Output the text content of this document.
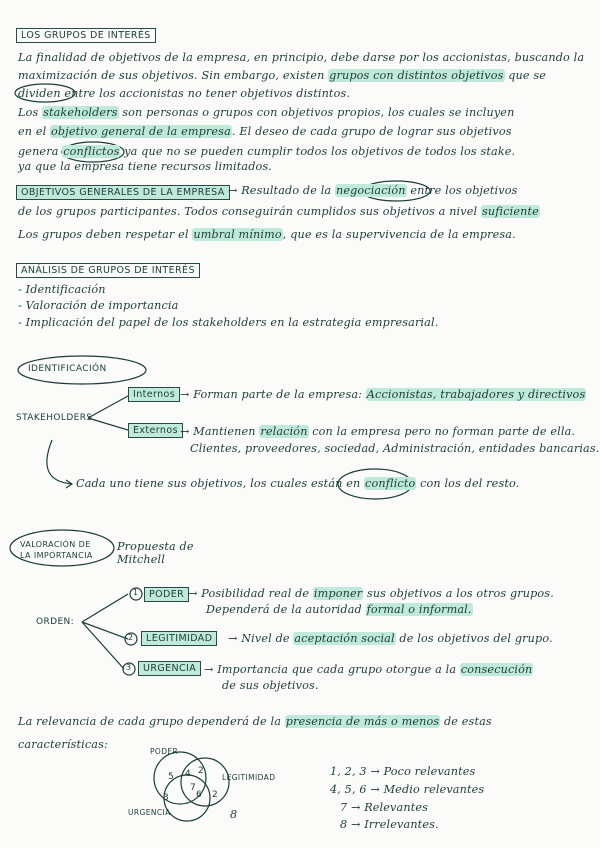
LOS GRUPOS DE INTERÉS
La finalidad de objetivos de la empresa, en principio, debe darse por los accionistas, buscando la
maximización de sus objetivos. Sin embargo, existen grupos con distintos objetivos que se
dividen entre los accionistas no tener objetivos distintos.
Los stakeholders son personas o grupos con objetivos propios, los cuales se incluyen
en el objetivo general de la empresa. El deseo de cada grupo de lograr sus objetivos
genera conflictos ya que no se pueden cumplir todos los objetivos de todos los stake.
ya que la empresa tiene recursos limitados.
OBJETIVOS GENERALES DE LA EMPRESA → Resultado de la negociación entre los objetivos
de los grupos participantes. Todos conseguirán cumplidos sus objetivos a nivel suficiente
Los grupos deben respetar el umbral mínimo, que es la supervivencia de la empresa.
ANÁLISIS DE GRUPOS DE INTERÉS
- Identificación
- Valoración de importancia
- Implicación del papel de los stakeholders en la estrategia empresarial.
IDENTIFICACIÓN
STAKEHOLDERS
Internos → Forman parte de la empresa: Accionistas, trabajadores y directivos
Externos → Mantienen relación con la empresa pero no forman parte de ella.
Clientes, proveedores, sociedad, Administración, entidades bancarias.
Cada uno tiene sus objetivos, los cuales están en conflicto con los del resto.
VALORACIÓN DE LA IMPORTANCIA
Propuesta de Mitchell
ORDEN:
1	PODER → Posibilidad real de imponer sus objetivos a los otros grupos.
Dependerá de la autoridad formal o informal.
2	LEGITIMIDAD	→ Nivel de aceptación social de los objetivos del grupo.
3	URGENCIA → Importancia que cada grupo otorgue a la consecución
de sus objetivos.
La relevancia de cada grupo dependerá de la presencia de más o menos de estas
características:
PODER
LEGITIMIDAD
URGENCIA
5 4 2
7
6
3	2
8
1, 2, 3 → Poco relevantes
4, 5, 6 → Medio relevantes
7 → Relevantes
8 → Irrelevantes.
